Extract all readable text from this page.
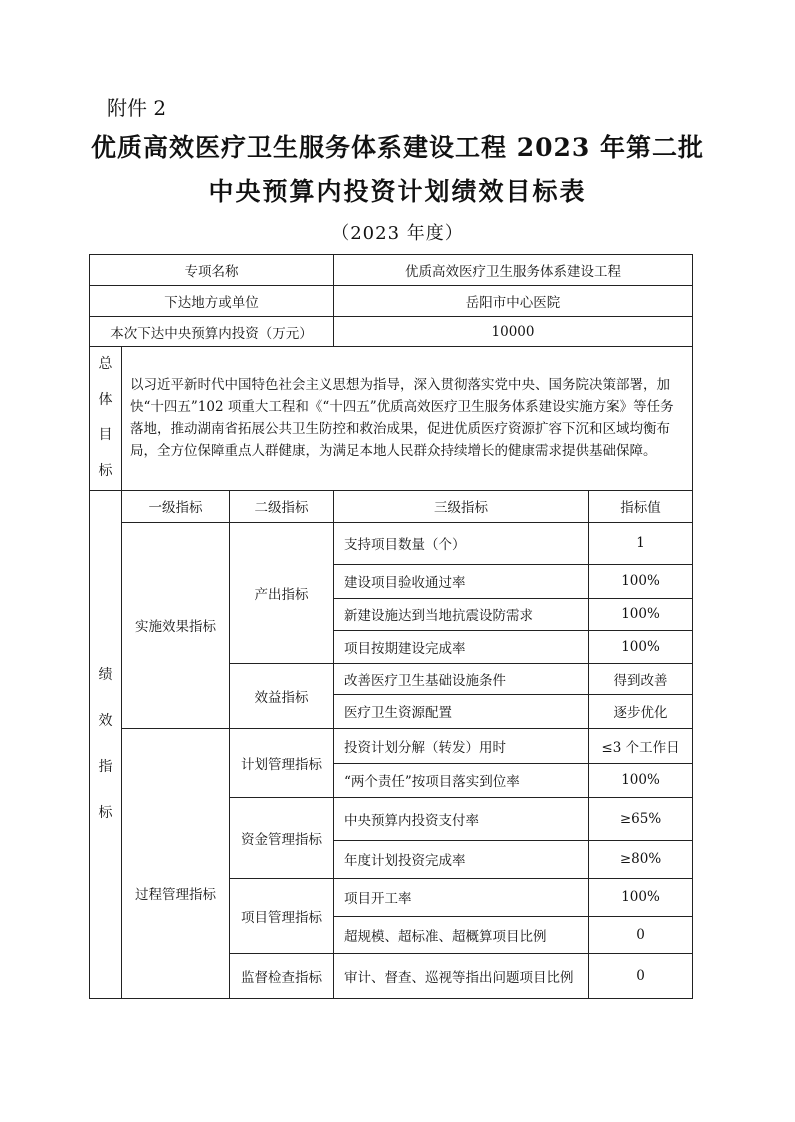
附件 2
优质高效医疗卫生服务体系建设工程 2023 年第二批
中央预算内投资计划绩效目标表
（2023 年度）
专项名称			优质高效医疗卫生服务体系建设工程	
下达地方或单位			岳阳市中心医院	
本次下达中央预算内投资（万元）			10000	

总体目标	以习近平新时代中国特色社会主义思想为指导，深入贯彻落实党中央、国务院决策部署，加快“十四五”102 项重大工程和《“十四五”优质高效医疗卫生服务体系建设实施方案》等任务落地，推动湖南省拓展公共卫生防控和救治成果，促进优质医疗资源扩容下沉和区域均衡布局，全方位保障重点人群健康，为满足本地人民群众持续增长的健康需求提供基础保障。			

绩效指标	一级指标	二级指标	三级指标	指标值
	实施效果指标	产出指标	支持项目数量（个）	1
			建设项目验收通过率	100%
			新建设施达到当地抗震设防需求	100%
			项目按期建设完成率	100%
		效益指标	改善医疗卫生基础设施条件	得到改善
			医疗卫生资源配置	逐步优化
	过程管理指标	计划管理指标	投资计划分解（转发）用时	≤3 个工作日
			“两个责任”按项目落实到位率	100%
		资金管理指标	中央预算内投资支付率	≥65%
			年度计划投资完成率	≥80%
		项目管理指标	项目开工率	100%
			超规模、超标准、超概算项目比例	0
		监督检查指标	审计、督查、巡视等指出问题项目比例	0
